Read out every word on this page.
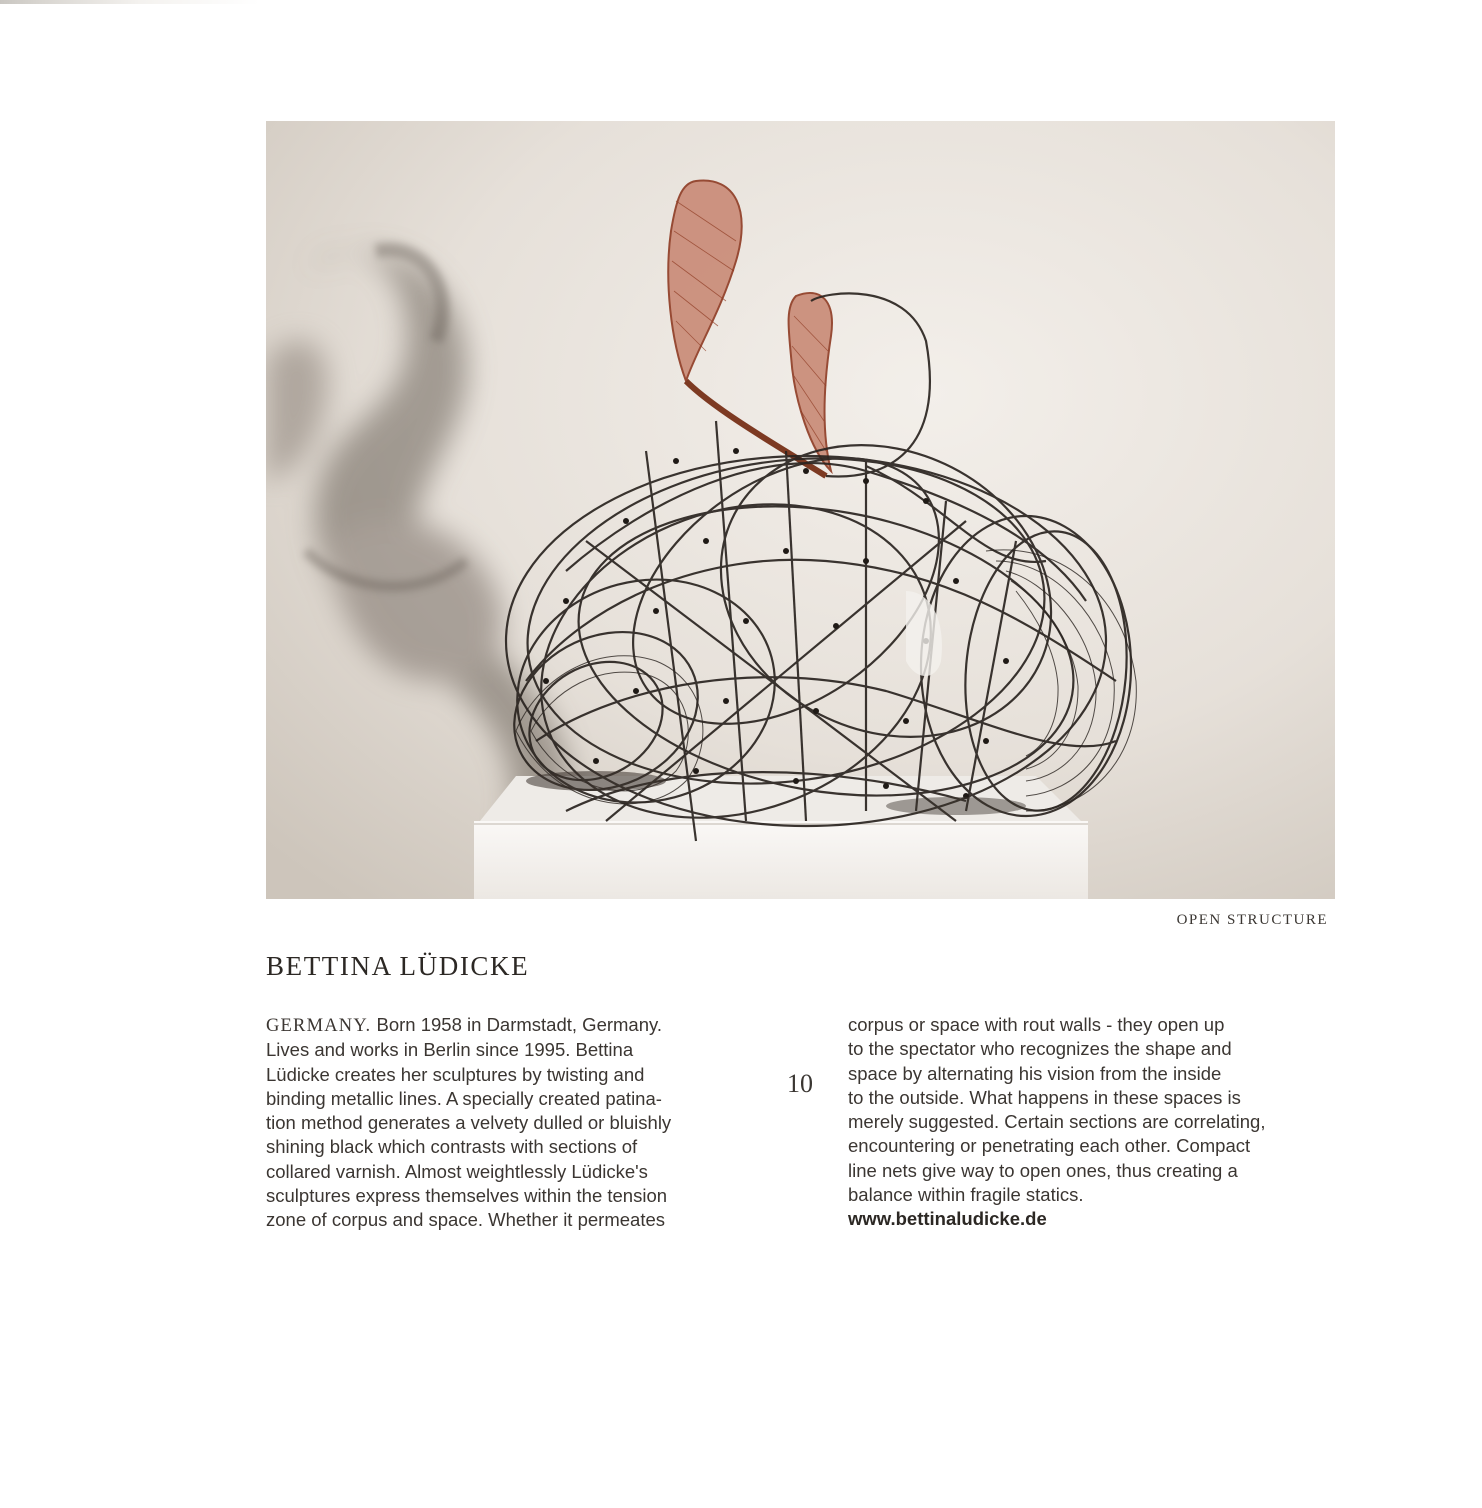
OPEN STRUCTURE
BETTINA LÜDICKE
GERMANY. Born 1958 in Darmstadt, Germany.
Lives and works in Berlin since 1995. Bettina
Lüdicke creates her sculptures by twisting and
binding metallic lines. A specially created patina-
tion method generates a velvety dulled or bluishly
shining black which contrasts with sections of
collared varnish. Almost weightlessly Lüdicke's
sculptures express themselves within the tension
zone of corpus and space. Whether it permeates
corpus or space with rout walls - they open up
to the spectator who recognizes the shape and
space by alternating his vision from the inside
to the outside. What happens in these spaces is
merely suggested. Certain sections are correlating,
encountering or penetrating each other. Compact
line nets give way to open ones, thus creating a
balance within fragile statics.
www.bettinaludicke.de
10
